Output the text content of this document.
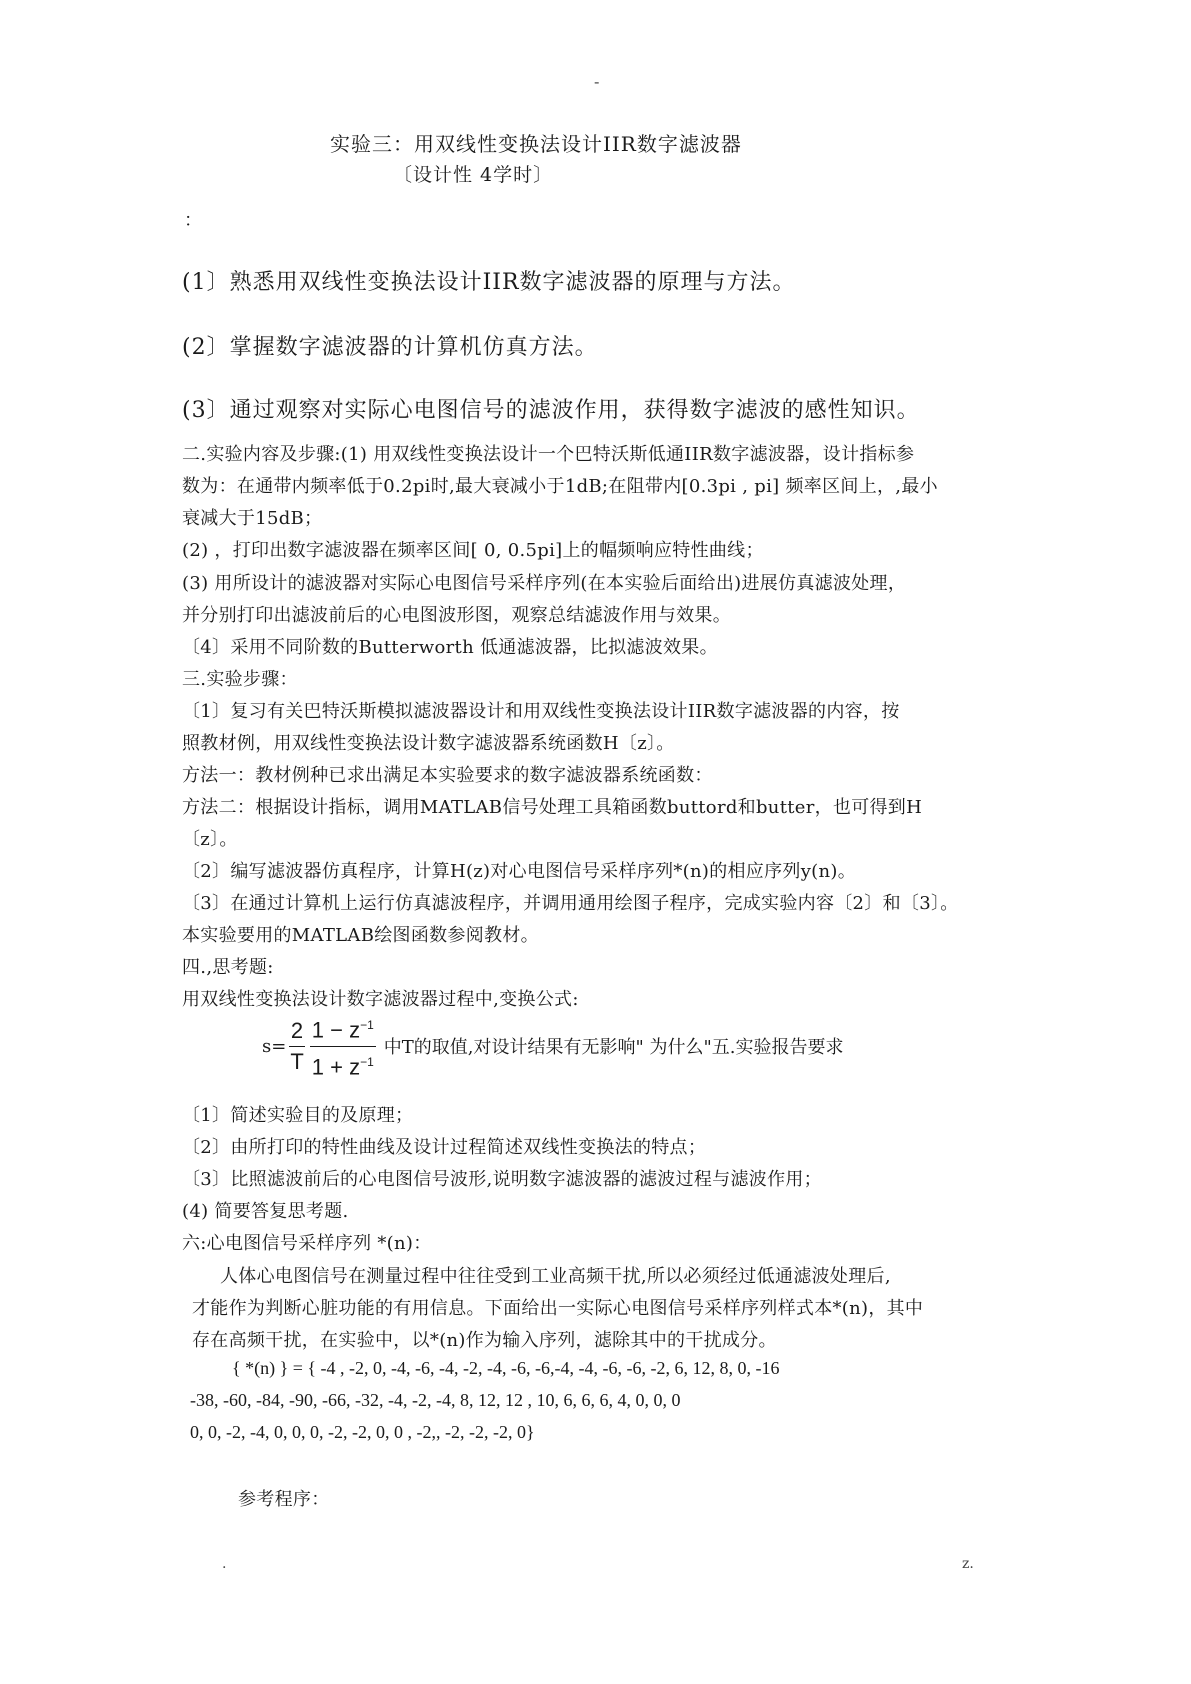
-
实验三：用双线性变换法设计IIR数字滤波器
〔设计性 4学时〕
：
(1〕熟悉用双线性变换法设计IIR数字滤波器的原理与方法。
(2〕掌握数字滤波器的计算机仿真方法。
(3〕通过观察对实际心电图信号的滤波作用，获得数字滤波的感性知识。
二.实验内容及步骤:(1) 用双线性变换法设计一个巴特沃斯低通IIR数字滤波器，设计指标参
数为：在通带内频率低于0.2pi时,最大衰减小于1dB;在阻带内[0.3pi , pi] 频率区间上，,最小
衰减大于15dB；
(2) ，打印出数字滤波器在频率区间[ 0, 0.5pi]上的幅频响应特性曲线；
(3) 用所设计的滤波器对实际心电图信号采样序列(在本实验后面给出)进展仿真滤波处理，
并分别打印出滤波前后的心电图波形图，观察总结滤波作用与效果。
〔4〕采用不同阶数的Butterworth 低通滤波器，比拟滤波效果。
三.实验步骤：
〔1〕复习有关巴特沃斯模拟滤波器设计和用双线性变换法设计IIR数字滤波器的内容，按
照教材例，用双线性变换法设计数字滤波器系统函数H〔z〕。
方法一：教材例种已求出满足本实验要求的数字滤波器系统函数：
方法二：根据设计指标，调用MATLAB信号处理工具箱函数buttord和butter，也可得到H
〔z〕。
〔2〕编写滤波器仿真程序，计算H(z)对心电图信号采样序列*(n)的相应序列y(n)。
〔3〕在通过计算机上运行仿真滤波程序，并调用通用绘图子程序，完成实验内容〔2〕和〔3〕。
本实验要用的MATLAB绘图函数参阅教材。
四.,思考题:
用双线性变换法设计数字滤波器过程中,变换公式:
$s= \frac{2}{T} \frac{1 - z^{-1}}{1 + z^{-1}}$ 中T的取值,对设计结果有无影响" 为什么"五.实验报告要求
〔1〕简述实验目的及原理；
〔2〕由所打印的特性曲线及设计过程简述双线性变换法的特点；
〔3〕比照滤波前后的心电图信号波形,说明数字滤波器的滤波过程与滤波作用；
(4) 简要答复思考题.
六:心电图信号采样序列 *(n)：
人体心电图信号在测量过程中往往受到工业高频干扰,所以必须经过低通滤波处理后,
才能作为判断心脏功能的有用信息。下面给出一实际心电图信号采样序列样式本*(n)，其中
存在高频干扰，在实验中，以*(n)作为输入序列，滤除其中的干扰成分。
{ *(n) } = { -4 , -2, 0, -4, -6, -4, -2, -4, -6, -6,-4, -4, -6, -6, -2, 6, 12, 8, 0, -16
-38, -60, -84, -90, -66, -32, -4, -2, -4, 8, 12, 12 , 10, 6, 6, 6, 4, 0, 0, 0
0, 0, -2, -4, 0, 0, 0, -2, -2, 0, 0 , -2,, -2, -2, -2, 0}
参考程序：
.	z.
